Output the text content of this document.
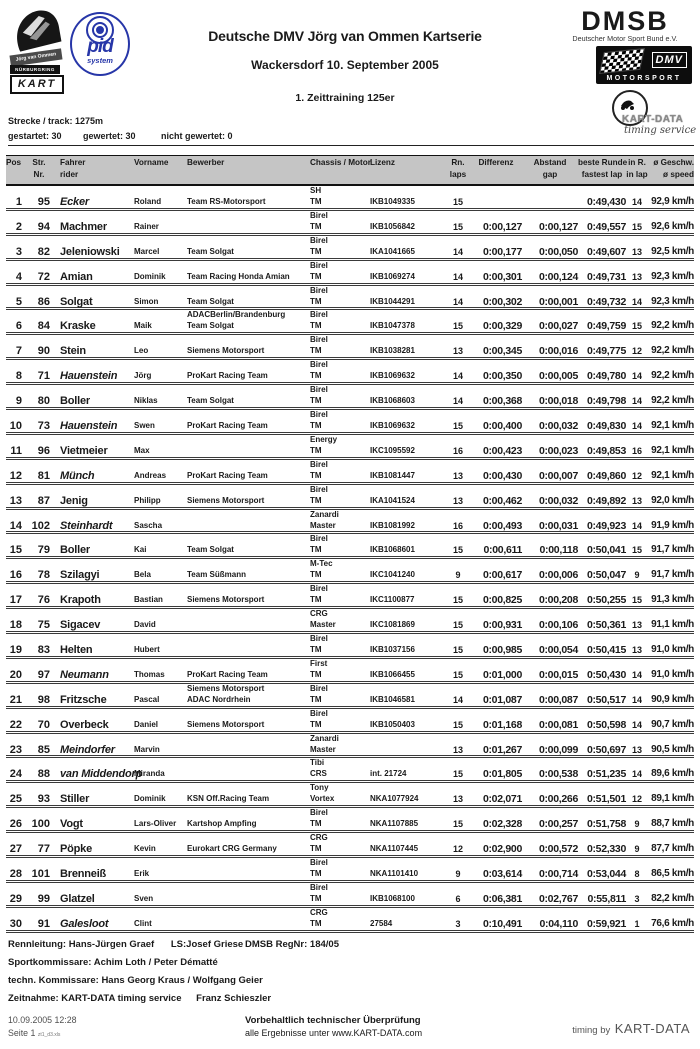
Jörg van Ommen
NÜRBURGRING
KART
pid
system
Deutsche DMV Jörg van Ommen Kartserie
Wackersdorf 10. September 2005
1. Zeittraining 125er
DMSB
Deutscher Motor Sport Bund e.V.
DMV
MOTORSPORT
KART-DATA
timing service
Strecke / track: 1275m
gestartet: 30	gewertet: 30	nicht gewertet: 0
Pos	Str.
Nr.
Fahrer
rider
Vorname	Bewerber	Chassis / Motor Lizenz	Rn.
laps
Differenz	Abstand
gap
beste Runde
fastest lap
in R.
in lap
ø Geschw.
ø speed
1	95 Ecker	Roland	Team RS-Motorsport
SH
TM	IKB1049335	15	0:49,430 14 92,9 km/h
2	94 Machmer	Rainer
Birel
TM	IKB1056842	15	0:00,127	0:00,127 0:49,557 15 92,6 km/h
3	82 Jeleniowski	Marcel	Team Solgat
Birel
TM	IKA1041665	14	0:00,177	0:00,050 0:49,607 13 92,5 km/h
4	72 Amian	Dominik	Team Racing Honda Amian
Birel
TM	IKB1069274	14	0:00,301	0:00,124 0:49,731 13 92,3 km/h
5	86 Solgat	Simon	Team Solgat
Birel
TM	IKB1044291	14	0:00,302	0:00,001 0:49,732 14 92,3 km/h
6	84 Kraske	Maik
ADACBerlin/Brandenburg
Team Solgat
Birel
TM	IKB1047378	15	0:00,329	0:00,027 0:49,759 15 92,2 km/h
7	90 Stein	Leo	Siemens Motorsport
Birel
TM	IKB1038281	13	0:00,345	0:00,016 0:49,775 12 92,2 km/h
8	71 Hauenstein	Jörg	ProKart Racing Team
Birel
TM	IKB1069632	14	0:00,350	0:00,005 0:49,780 14 92,2 km/h
9	80 Boller	Niklas	Team Solgat
Birel
TM	IKB1068603	14	0:00,368	0:00,018 0:49,798 14 92,2 km/h
10	73 Hauenstein	Swen	ProKart Racing Team
Birel
TM	IKB1069632	15	0:00,400	0:00,032 0:49,830 14 92,1 km/h
11	96 Vietmeier	Max
Energy
TM	IKC1095592	16	0:00,423	0:00,023 0:49,853 16 92,1 km/h
12	81 Münch	Andreas	ProKart Racing Team
Birel
TM	IKB1081447	13	0:00,430	0:00,007 0:49,860 12 92,1 km/h
13	87 Jenig	Philipp	Siemens Motorsport
Birel
TM	IKA1041524	13	0:00,462	0:00,032 0:49,892 13 92,0 km/h
14 102 Steinhardt	Sascha
Zanardi
Master	IKB1081992	16	0:00,493	0:00,031 0:49,923 14 91,9 km/h
15	79 Boller	Kai	Team Solgat
Birel
TM	IKB1068601	15	0:00,611	0:00,118 0:50,041 15 91,7 km/h
16	78 Szilagyi	Bela	Team Süßmann
M-Tec
TM	IKC1041240	9	0:00,617	0:00,006 0:50,047 9	91,7 km/h
17	76 Krapoth	Bastian	Siemens Motorsport
Birel
TM	IKC1100877	15	0:00,825	0:00,208 0:50,255 15 91,3 km/h
18	75 Sigacev	David
CRG
Master	IKC1081869	15	0:00,931	0:00,106 0:50,361 13 91,1 km/h
19	83 Helten	Hubert
Birel
TM	IKB1037156	15	0:00,985	0:00,054 0:50,415 13 91,0 km/h
20	97 Neumann	Thomas	ProKart Racing Team
First
TM	IKB1066455	15	0:01,000	0:00,015 0:50,430 14 91,0 km/h
21	98 Fritzsche	Pascal
Siemens Motorsport
ADAC Nordrhein
Birel
TM	IKB1046581	14	0:01,087	0:00,087 0:50,517 14 90,9 km/h
22	70 Overbeck	Daniel	Siemens Motorsport
Birel
TM	IKB1050403	15	0:01,168	0:00,081 0:50,598 14 90,7 km/h
23	85 Meindorfer	Marvin
Zanardi
Master	13	0:01,267	0:00,099 0:50,697 13 90,5 km/h
24	88 van Middendorp
Miranda
Tibi
CRS	int. 21724	15	0:01,805	0:00,538 0:51,235 14 89,6 km/h
25	93 Stiller	Dominik	KSN Off.Racing Team
Tony
Vortex	NKA1077924	13	0:02,071	0:00,266 0:51,501 12 89,1 km/h
26 100 Vogt	Lars-Oliver	Kartshop Ampfing
Birel
TM	NKA1107885	15	0:02,328	0:00,257 0:51,758 9	88,7 km/h
27	77 Pöpke	Kevin	Eurokart CRG Germany
CRG
TM	NKA1107445	12	0:02,900	0:00,572 0:52,330 9	87,7 km/h
28 101 Brenneiß	Erik
Birel
TM	NKA1101410	9	0:03,614	0:00,714 0:53,044 8	86,5 km/h
29	99 Glatzel	Sven
Birel
TM	IKB1068100	6	0:06,381	0:02,767 0:55,811 3	82,2 km/h
30	91 Galesloot	Clint
CRG
TM	27584	3	0:10,491	0:04,110 0:59,921 1	76,6 km/h
Rennleitung: Hans-Jürgen Graef LS:Josef Griese DMSB RegNr: 184/05
Sportkommissare: Achim Loth / Peter Dématté
techn. Kommissare: Hans Georg Kraus / Wolfgang Geier
Zeitnahme: KART-DATA timing service Franz Schieszler
10.09.2005 12:28
Seite 1 zt1_d3.xls
Vorbehaltlich technischer Überprüfung
alle Ergebnisse unter www.KART-DATA.com	timing by KART-DATA
